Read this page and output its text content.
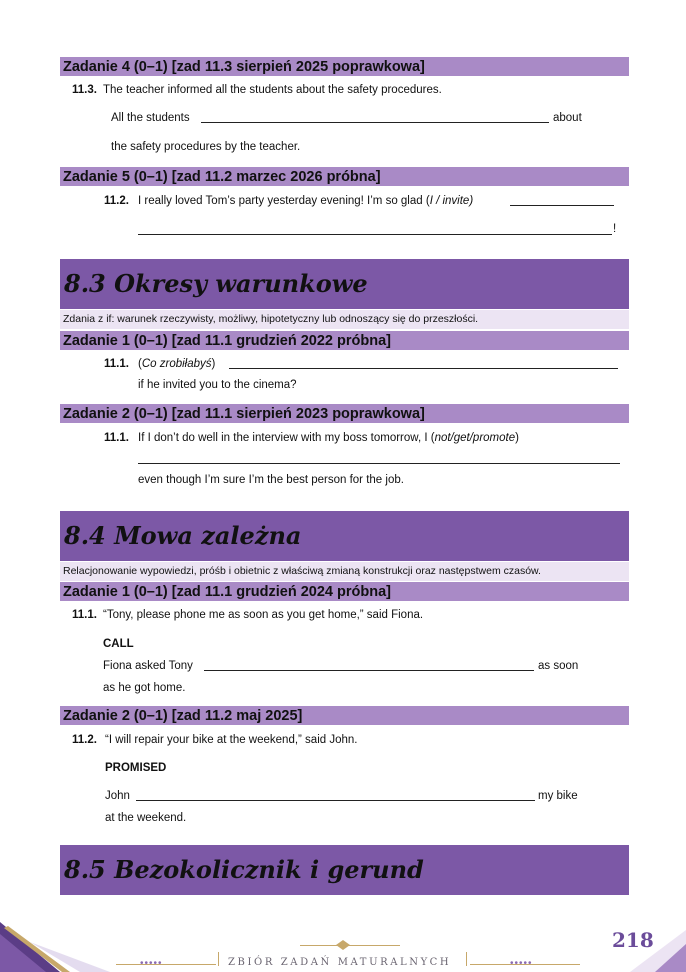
Zadanie 4 (0–1) [zad 11.3 sierpień 2025 poprawkowa]
11.3. The teacher informed all the students about the safety procedures.
All the students	about
the safety procedures by the teacher.
Zadanie 5 (0–1) [zad 11.2 marzec 2026 próbna]
11.2. I really loved Tom’s party yesterday evening! I’m so glad (I / invite)
!
8.3 Okresy warunkowe
Zdania z if: warunek rzeczywisty, możliwy, hipotetyczny lub odnoszący się do przeszłości.
Zadanie 1 (0–1) [zad 11.1 grudzień 2022 próbna]
11.1. (Co zrobiłabyś)
if he invited you to the cinema?
Zadanie 2 (0–1) [zad 11.1 sierpień 2023 poprawkowa]
11.1. If I don’t do well in the interview with my boss tomorrow, I (not/get/promote)
even though I’m sure I’m the best person for the job.
8.4 Mowa zależna
Relacjonowanie wypowiedzi, próśb i obietnic z właściwą zmianą konstrukcji oraz następstwem czasów.
Zadanie 1 (0–1) [zad 11.1 grudzień 2024 próbna]
11.1. “Tony, please phone me as soon as you get home,” said Fiona.
CALL
Fiona asked Tony	as soon
as he got home.
Zadanie 2 (0–1) [zad 11.2 maj 2025]
11.2. “I will repair your bike at the weekend,” said John.
PROMISED
John	my bike
at the weekend.
8.5 Bezokolicznik i gerund
•••••	ZBIÓR ZADAŃ MATURALNYCH
218
